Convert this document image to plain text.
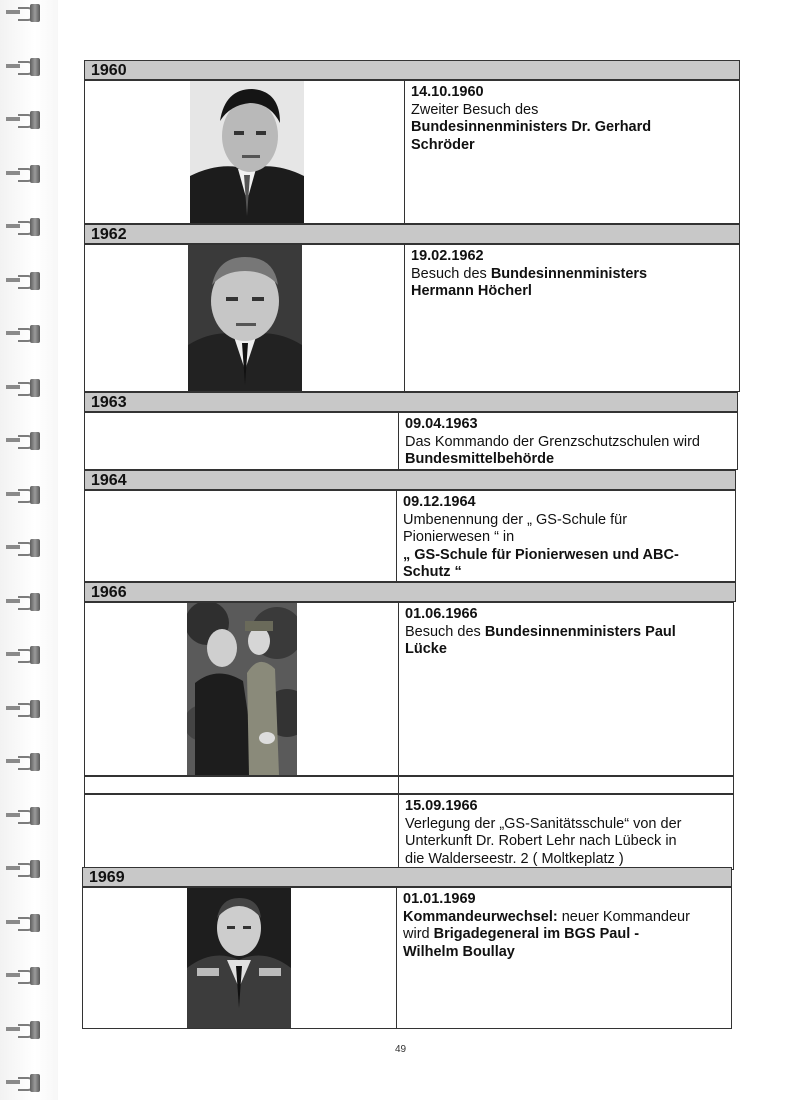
1960
14.10.1960
Zweiter Besuch des
Bundesinnenministers Dr. Gerhard
Schröder
1962
19.02.1962
Besuch des Bundesinnenministers
Hermann Höcherl
1963
09.04.1963
Das Kommando der Grenzschutzschulen wird
Bundesmittelbehörde
1964
09.12.1964
Umbenennung der „ GS-Schule für
Pionierwesen “ in
„ GS-Schule für Pionierwesen und ABC-
Schutz “
1966
01.06.1966
Besuch des Bundesinnenministers Paul
Lücke
15.09.1966
Verlegung der „GS-Sanitätsschule“ von der
Unterkunft Dr. Robert Lehr nach Lübeck in
die Walderseestr. 2 ( Moltkeplatz )
1969
01.01.1969
Kommandeurwechsel: neuer Kommandeur
wird Brigadegeneral im BGS Paul -
Wilhelm Boullay
49
